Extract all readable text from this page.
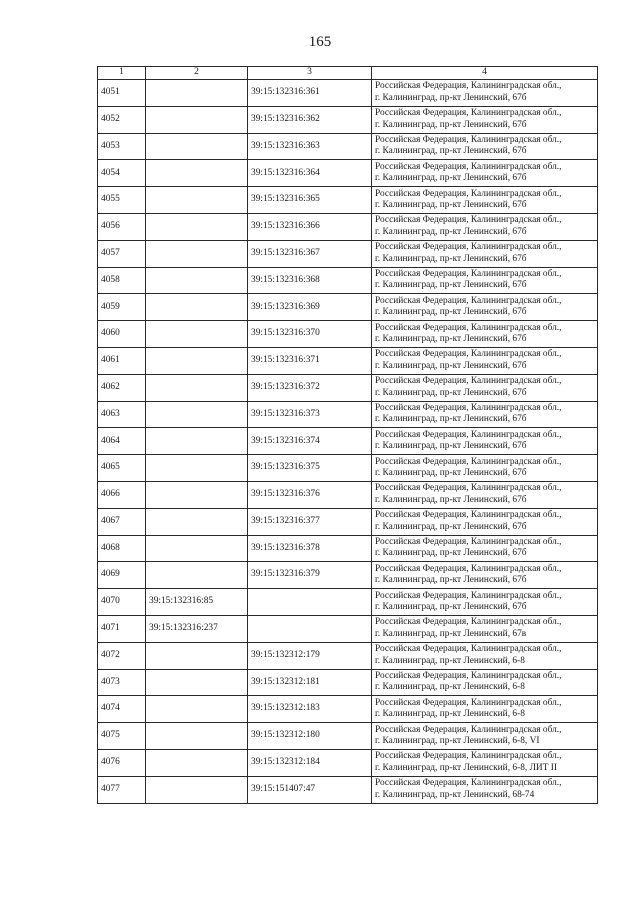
165
1	2	3	4
4051		39:15:132316:361	Российская Федерация, Калининградская обл.,
г. Калининград, пр-кт Ленинский, 67б

4052		39:15:132316:362	Российская Федерация, Калининградская обл.,
г. Калининград, пр-кт Ленинский, 67б

4053		39:15:132316:363	Российская Федерация, Калининградская обл.,
г. Калининград, пр-кт Ленинский, 67б

4054		39:15:132316:364	Российская Федерация, Калининградская обл.,
г. Калининград, пр-кт Ленинский, 67б

4055		39:15:132316:365	Российская Федерация, Калининградская обл.,
г. Калининград, пр-кт Ленинский, 67б

4056		39:15:132316:366	Российская Федерация, Калининградская обл.,
г. Калининград, пр-кт Ленинский, 67б

4057		39:15:132316:367	Российская Федерация, Калининградская обл.,
г. Калининград, пр-кт Ленинский, 67б

4058		39:15:132316:368	Российская Федерация, Калининградская обл.,
г. Калининград, пр-кт Ленинский, 67б

4059		39:15:132316:369	Российская Федерация, Калининградская обл.,
г. Калининград, пр-кт Ленинский, 67б

4060		39:15:132316:370	Российская Федерация, Калининградская обл.,
г. Калининград, пр-кт Ленинский, 67б

4061		39:15:132316:371	Российская Федерация, Калининградская обл.,
г. Калининград, пр-кт Ленинский, 67б

4062		39:15:132316:372	Российская Федерация, Калининградская обл.,
г. Калининград, пр-кт Ленинский, 67б

4063		39:15:132316:373	Российская Федерация, Калининградская обл.,
г. Калининград, пр-кт Ленинский, 67б

4064		39:15:132316:374	Российская Федерация, Калининградская обл.,
г. Калининград, пр-кт Ленинский, 67б

4065		39:15:132316:375	Российская Федерация, Калининградская обл.,
г. Калининград, пр-кт Ленинский, 67б

4066		39:15:132316:376	Российская Федерация, Калининградская обл.,
г. Калининград, пр-кт Ленинский, 67б

4067		39:15:132316:377	Российская Федерация, Калининградская обл.,
г. Калининград, пр-кт Ленинский, 67б

4068		39:15:132316:378	Российская Федерация, Калининградская обл.,
г. Калининград, пр-кт Ленинский, 67б

4069		39:15:132316:379	Российская Федерация, Калининградская обл.,
г. Калининград, пр-кт Ленинский, 67б

4070	39:15:132316:85		Российская Федерация, Калининградская обл.,
г. Калининград, пр-кт Ленинский, 67б

4071	39:15:132316:237		Российская Федерация, Калининградская обл.,
г. Калининград, пр-кт Ленинский, 67в

4072		39:15:132312:179	Российская Федерация, Калининградская обл.,
г. Калининград, пр-кт Ленинский, 6-8

4073		39:15:132312:181	Российская Федерация, Калининградская обл.,
г. Калининград, пр-кт Ленинский, 6-8

4074		39:15:132312:183	Российская Федерация, Калининградская обл.,
г. Калининград, пр-кт Ленинский, 6-8

4075		39:15:132312:180	Российская Федерация, Калининградская обл.,
г. Калининград, пр-кт Ленинский, 6-8, VI

4076		39:15:132312:184	Российская Федерация, Калининградская обл.,
г. Калининград, пр-кт Ленинский, 6-8, ЛИТ II

4077		39:15:151407:47	Российская Федерация, Калининградская обл.,
г. Калининград, пр-кт Ленинский, 68-74
